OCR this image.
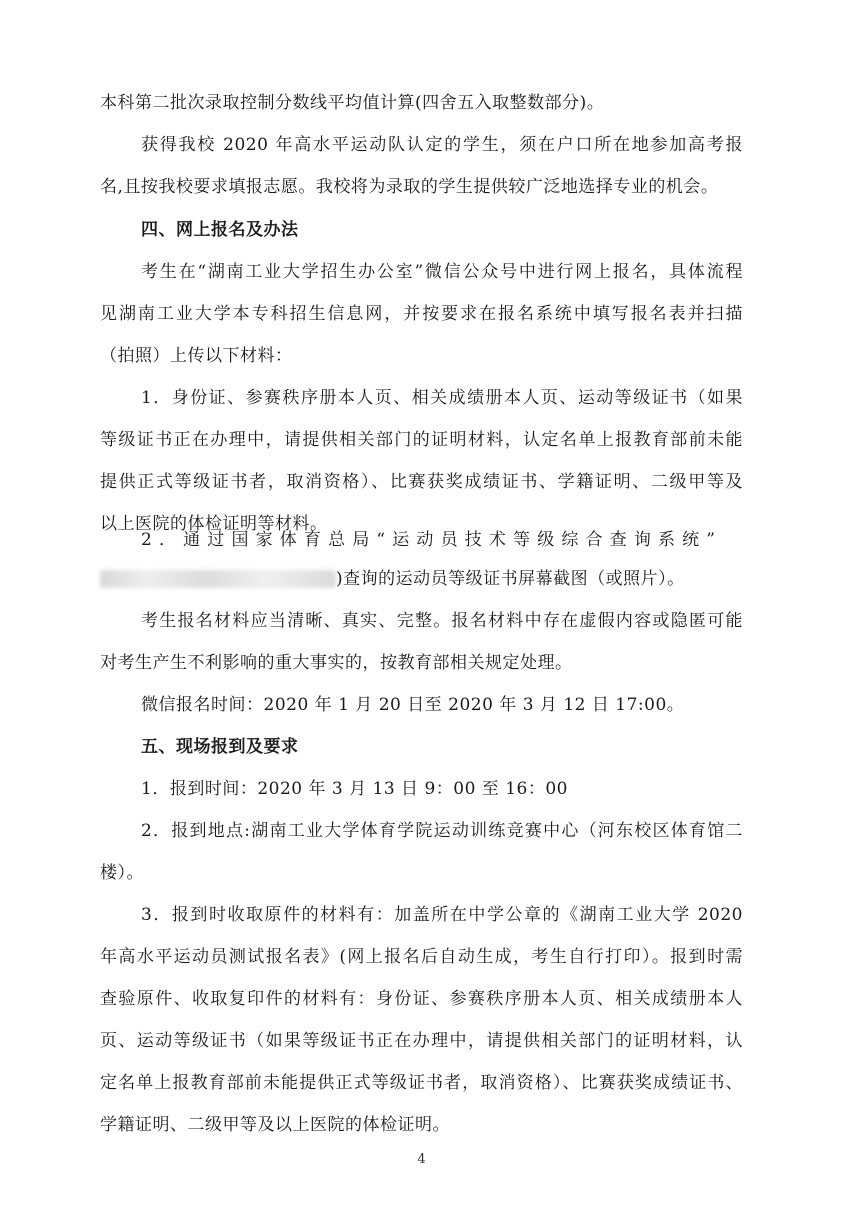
本科第二批次录取控制分数线平均值计算(四舍五入取整数部分)。
获得我校 2020 年高水平运动队认定的学生，须在户口所在地参加高考报
名,且按我校要求填报志愿。我校将为录取的学生提供较广泛地选择专业的机会。
四、网上报名及办法
考生在“湖南工业大学招生办公室”微信公众号中进行网上报名，具体流程
见湖南工业大学本专科招生信息网，并按要求在报名系统中填写报名表并扫描
（拍照）上传以下材料：
1．身份证、参赛秩序册本人页、相关成绩册本人页、运动等级证书（如果
等级证书正在办理中，请提供相关部门的证明材料，认定名单上报教育部前未能
提供正式等级证书者，取消资格）、比赛获奖成绩证书、学籍证明、二级甲等及
以上医院的体检证明等材料。
2．通过国家体育总局“运动员技术等级综合查询系统”
)查询的运动员等级证书屏幕截图（或照片）。
考生报名材料应当清晰、真实、完整。报名材料中存在虚假内容或隐匿可能
对考生产生不利影响的重大事实的，按教育部相关规定处理。
微信报名时间：2020 年 1 月 20 日至 2020 年 3 月 12 日 17:00。
五、现场报到及要求
1．报到时间：2020 年 3 月 13 日 9：00 至 16：00
2．报到地点:湖南工业大学体育学院运动训练竞赛中心（河东校区体育馆二
楼）。
3．报到时收取原件的材料有：加盖所在中学公章的《湖南工业大学 2020
年高水平运动员测试报名表》(网上报名后自动生成，考生自行打印）。报到时需
查验原件、收取复印件的材料有：身份证、参赛秩序册本人页、相关成绩册本人
页、运动等级证书（如果等级证书正在办理中，请提供相关部门的证明材料，认
定名单上报教育部前未能提供正式等级证书者，取消资格）、比赛获奖成绩证书、
学籍证明、二级甲等及以上医院的体检证明。
4
